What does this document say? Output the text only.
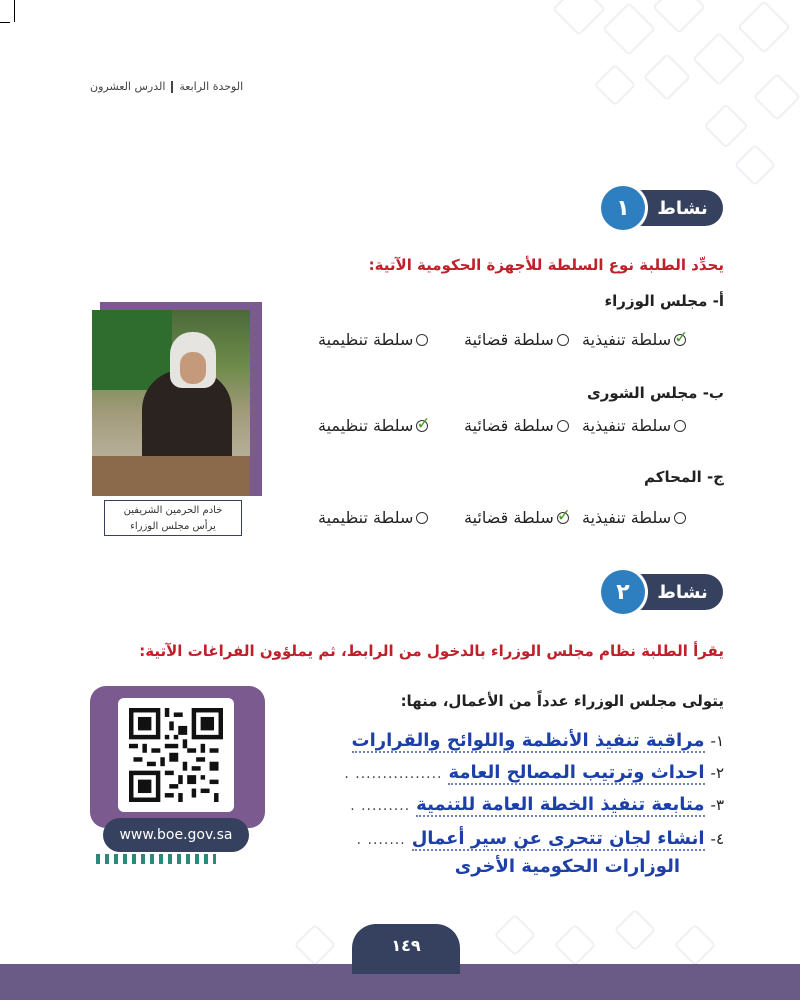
الوحدة الرابعةالدرس العشرون
نشاط
١
يحدِّد الطلبة نوع السلطة للأجهزة الحكومية الآتية:
أ- مجلس الوزراء
سلطة تنفيذية ✓
سلطة قضائية
سلطة تنظيمية
ب- مجلس الشورى
سلطة تنفيذية
سلطة قضائية
سلطة تنظيمية ✓
ج- المحاكم
سلطة تنفيذية
سلطة قضائية ✓
سلطة تنظيمية
خادم الحرمين الشريفين
يرأس مجلس الوزراء
نشاط
٢
يقرأ الطلبة نظام مجلس الوزراء بالدخول من الرابط، ثم يملؤون الفراغات الآتية:
يتولى مجلس الوزراء عدداً من الأعمال، منها:
www.boe.gov.sa
١-
مراقبة تنفيذ الأنظمة واللوائح والقرارات
٢-
احداث وترتيب المصالح العامة
................ .
٣-
متابعة تنفيذ الخطة العامة للتنمية
......... .
٤-
انشاء لجان تتحرى عن سير أعمال
....... .
الوزارات الحكومية الأخرى
١٤٩
